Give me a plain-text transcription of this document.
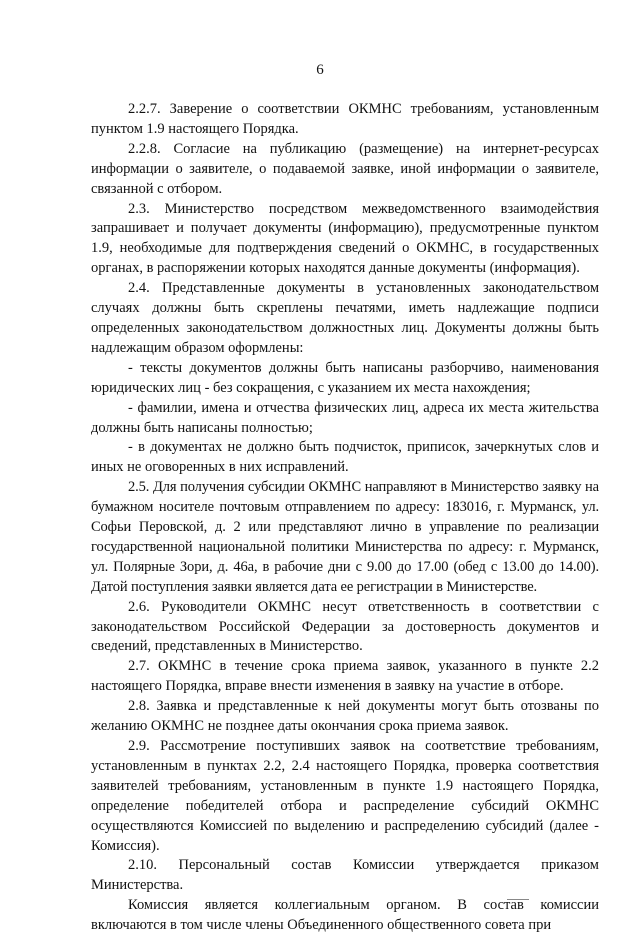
6

2.2.7. Заверение о соответствии ОКМНС требованиям, установленным пунктом 1.9 настоящего Порядка.

2.2.8. Согласие на публикацию (размещение) на интернет-ресурсах информации о заявителе, о подаваемой заявке, иной информации о заявителе, связанной с отбором.

2.3. Министерство посредством межведомственного взаимодействия запрашивает и получает документы (информацию), предусмотренные пунктом 1.9, необходимые для подтверждения сведений о ОКМНС, в государственных органах, в распоряжении которых находятся данные документы (информация).

2.4. Представленные документы в установленных законодательством случаях должны быть скреплены печатями, иметь надлежащие подписи определенных законодательством должностных лиц. Документы должны быть надлежащим образом оформлены:

- тексты документов должны быть написаны разборчиво, наименования юридических лиц - без сокращения, с указанием их места нахождения;

- фамилии, имена и отчества физических лиц, адреса их места жительства должны быть написаны полностью;

- в документах не должно быть подчисток, приписок, зачеркнутых слов и иных не оговоренных в них исправлений.

2.5. Для получения субсидии ОКМНС направляют в Министерство заявку на бумажном носителе почтовым отправлением по адресу: 183016, г. Мурманск, ул. Софьи Перовской, д. 2 или представляют лично в управление по реализации государственной национальной политики Министерства по адресу: г. Мурманск, ул. Полярные Зори, д. 46а, в рабочие дни с 9.00 до 17.00 (обед с 13.00 до 14.00). Датой поступления заявки является дата ее регистрации в Министерстве.

2.6. Руководители ОКМНС несут ответственность в соответствии с законодательством Российской Федерации за достоверность документов и сведений, представленных в Министерство.

2.7. ОКМНС в течение срока приема заявок, указанного в пункте 2.2 настоящего Порядка, вправе внести изменения в заявку на участие в отборе.

2.8. Заявка и представленные к ней документы могут быть отозваны по желанию ОКМНС не позднее даты окончания срока приема заявок.

2.9. Рассмотрение поступивших заявок на соответствие требованиям, установленным в пунктах 2.2, 2.4 настоящего Порядка, проверка соответствия заявителей требованиям, установленным в пункте 1.9 настоящего Порядка, определение победителей отбора и распределение субсидий ОКМНС осуществляются Комиссией по выделению и распределению субсидий (далее - Комиссия).

2.10. Персональный состав Комиссии утверждается приказом Министерства.

Комиссия является коллегиальным органом. В состав комиссии включаются в том числе члены Объединенного общественного совета при
